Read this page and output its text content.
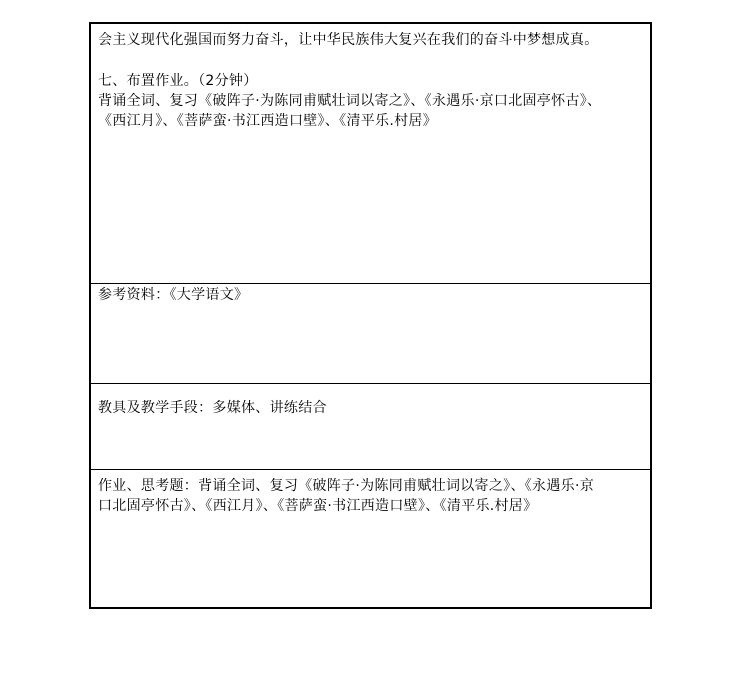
会主义现代化强国而努力奋斗，让中华民族伟大复兴在我们的奋斗中梦想成真。
七、布置作业。（2分钟）
背诵全词、复习《破阵子·为陈同甫赋壮词以寄之》、《永遇乐·京口北固亭怀古》、
《西江月》、《菩萨蛮·书江西造口壁》、《清平乐.村居》
参考资料：《大学语文》
教具及教学手段：多媒体、讲练结合
作业、思考题：背诵全词、复习《破阵子·为陈同甫赋壮词以寄之》、《永遇乐·京
口北固亭怀古》、《西江月》、《菩萨蛮·书江西造口壁》、《清平乐.村居》
